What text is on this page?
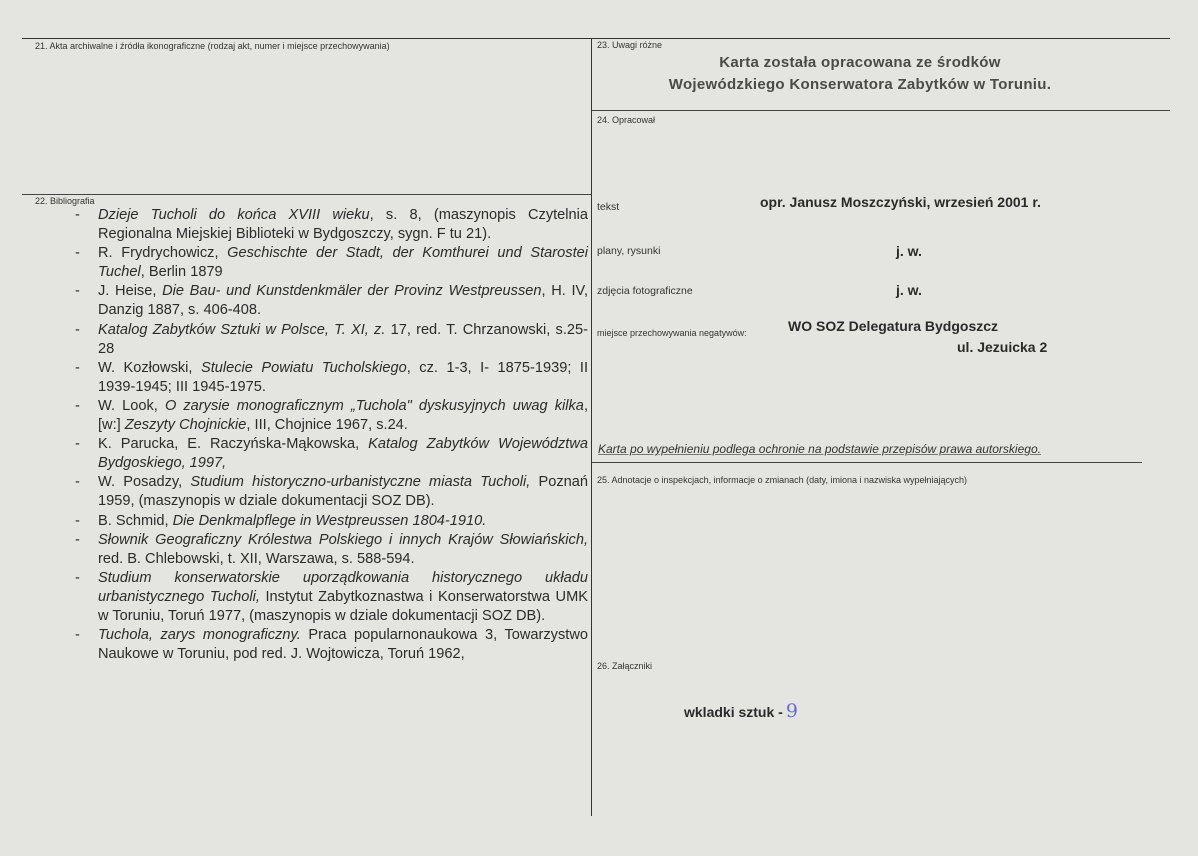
21. Akta archiwalne i źródła ikonograficzne (rodzaj akt, numer i miejsce przechowywania)
22. Bibliografia
- Dzieje Tucholi do końca XVIII wieku, s. 8, (maszynopis Czytelnia Regionalna Miejskiej Biblioteki w Bydgoszczy, sygn. F tu 21).
- R. Frydrychowicz, Geschischte der Stadt, der Komthurei und Starostei Tuchel, Berlin 1879
- J. Heise, Die Bau- und Kunstdenkmäler der Provinz Westpreussen, H. IV, Danzig 1887, s. 406-408.
- Katalog Zabytków Sztuki w Polsce, T. XI, z. 17, red. T. Chrzanowski, s.25-28
- W. Kozłowski, Stulecie Powiatu Tucholskiego, cz. 1-3, I- 1875-1939; II 1939-1945; III 1945-1975.
- W. Look, O zarysie monograficznym „Tuchola" dyskusyjnych uwag kilka, [w:] Zeszyty Chojnickie, III, Chojnice 1967, s.24.
- K. Parucka, E. Raczyńska-Mąkowska, Katalog Zabytków Województwa Bydgoskiego, 1997,
- W. Posadzy, Studium historyczno-urbanistyczne miasta Tucholi, Poznań 1959, (maszynopis w dziale dokumentacji SOZ DB).
- B. Schmid, Die Denkmalpflege in Westpreussen 1804-1910.
- Słownik Geograficzny Królestwa Polskiego i innych Krajów Słowiańskich, red. B. Chlebowski, t. XII, Warszawa, s. 588-594.
- Studium konserwatorskie uporządkowania historycznego układu urbanistycznego Tucholi, Instytut Zabytkoznastwa i Konserwatorstwa UMK w Toruniu, Toruń 1977, (maszynopis w dziale dokumentacji SOZ DB).
- Tuchola, zarys monograficzny. Praca popularnonaukowa 3, Towarzystwo Naukowe w Toruniu, pod red. J. Wojtowicza, Toruń 1962,
23. Uwagi różne
Karta została opracowana ze środków
Wojewódzkiego Konserwatora Zabytków w Toruniu.
24. Opracował
tekst	opr. Janusz Moszczyński, wrzesień 2001 r.
plany, rysunki	j. w.
zdjęcia fotograficzne	j. w.
miejsce przechowywania negatywów:	WO SOZ Delegatura Bydgoszcz
ul. Jezuicka 2
Karta po wypełnieniu podlega ochronie na podstawie przepisów prawa autorskiego.
25. Adnotacje o inspekcjach, informacje o zmianach (daty, imiona i nazwiska wypełniających)
26. Załączniki
wkladki sztuk - 9
